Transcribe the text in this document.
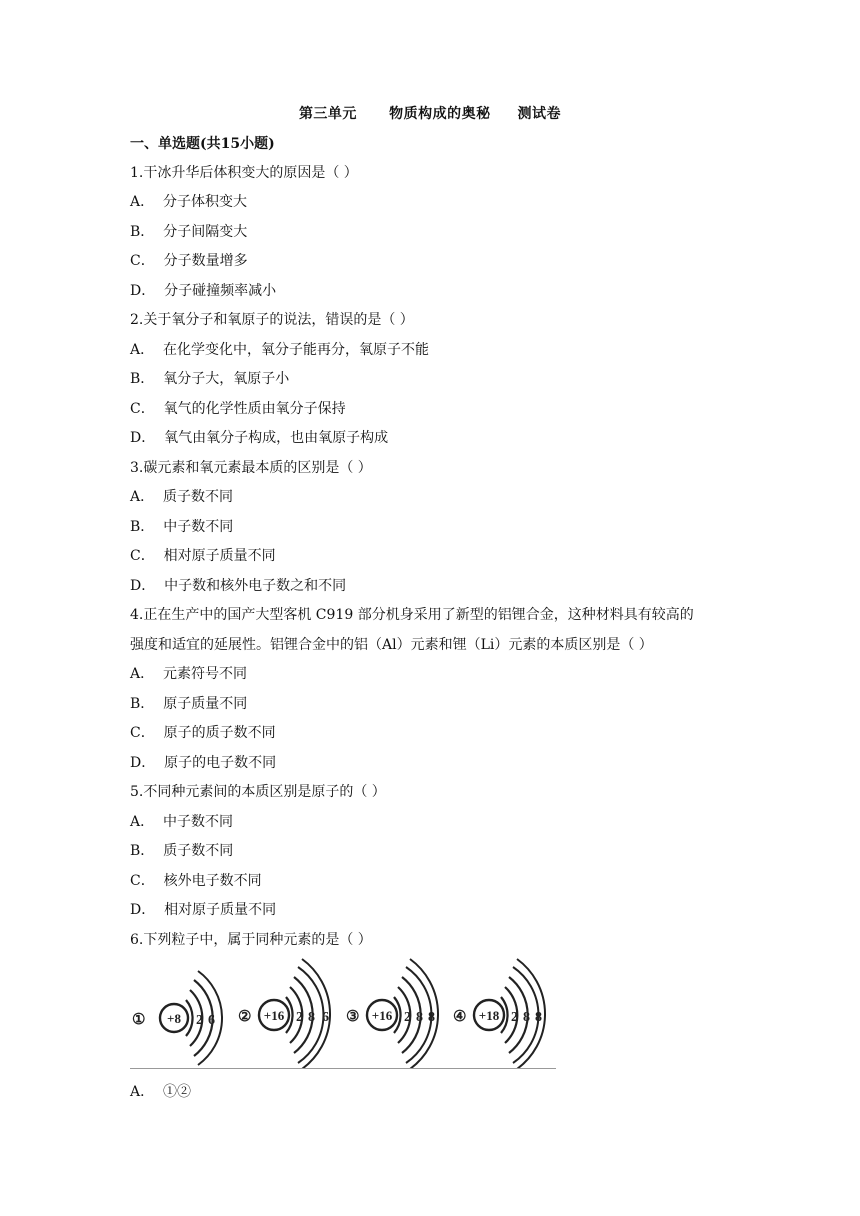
第三单元      物质构成的奥秘     测试卷
一、单选题(共15小题)
1.干冰升华后体积变大的原因是（ ）
A．  分子体积变大
B．  分子间隔变大
C．  分子数量增多
D．  分子碰撞频率减小
2.关于氧分子和氧原子的说法，错误的是（ ）
A．  在化学变化中，氧分子能再分，氧原子不能
B．  氧分子大，氧原子小
C．  氧气的化学性质由氧分子保持
D．  氧气由氧分子构成，也由氧原子构成
3.碳元素和氧元素最本质的区别是（ ）
A．  质子数不同
B．  中子数不同
C．  相对原子质量不同
D．  中子数和核外电子数之和不同
4.正在生产中的国产大型客机 C919 部分机身采用了新型的铝锂合金，这种材料具有较高的
强度和适宜的延展性。铝锂合金中的铝（Al）元素和锂（Li）元素的本质区别是（ ）
A．  元素符号不同
B．  原子质量不同
C．  原子的质子数不同
D．  原子的电子数不同
5.不同种元素间的本质区别是原子的（ ）
A．  中子数不同
B．  质子数不同
C．  核外电子数不同
D．  相对原子质量不同
6.下列粒子中，属于同种元素的是（ ）
① +8 2 6 ② +16 2 8 6 ③ +16 2 8 8 ④ +18 2 8 8
A．  ①②
